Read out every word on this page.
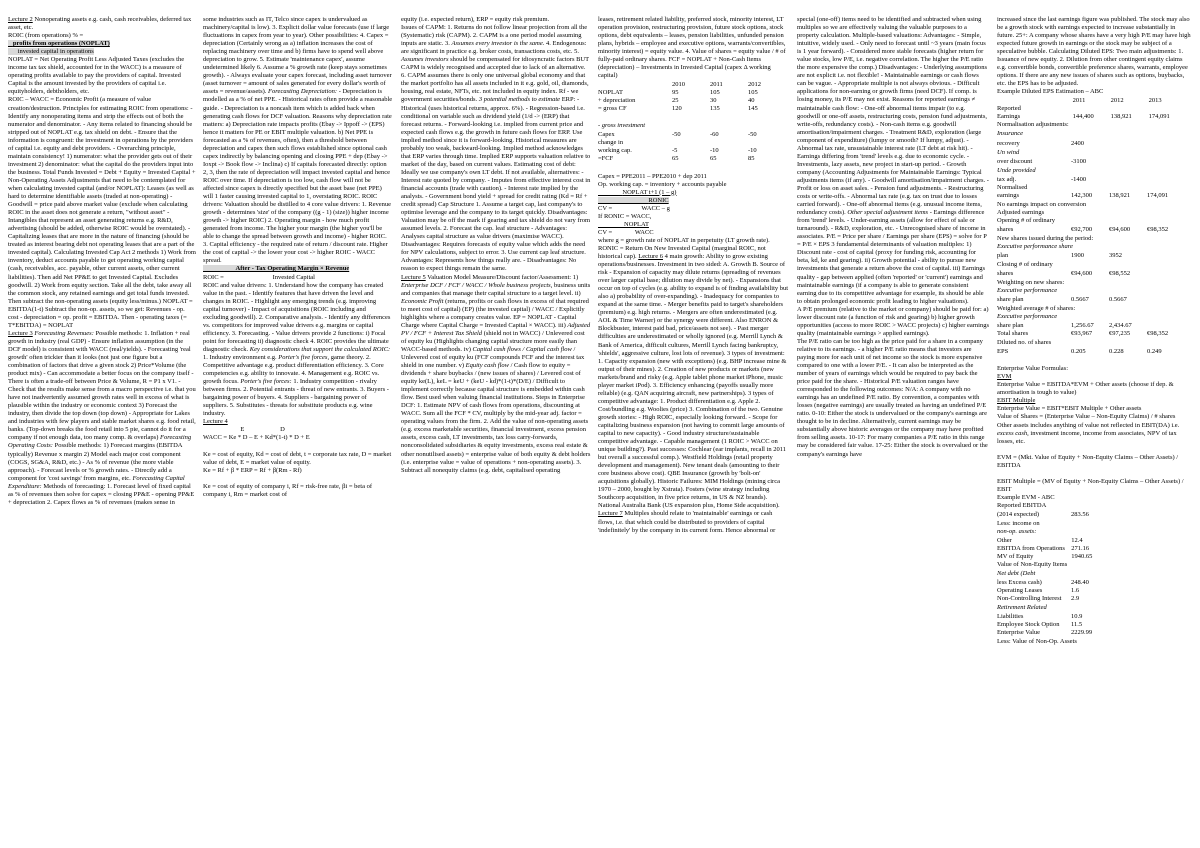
Lecture 2 Nonoperating assets e.g. cash, cash receivables, deferred tax asset, etc.

ROIC (from operations) % =

profits from operations (NOPLAT)

invested capital in operations

NOPLAT = Net Operating Profit Less Adjusted Taxes (excludes the income tax tax shield, accounted for in the WACC) is a measure of operating profits available to pay the providers of capital. Invested Capital is the amount invested by the providers of capital i.e. equityholders, debtholders, etc.

ROIC – WACC = Economic Profit (a measure of value creation/destruction. Principles for estimating ROIC from operations: - Identify any nonoperating items and strip the effects out of both the numerator and denominator. - Any items related to financing should be stripped out of NOPLAT e.g. tax shield on debt. - Ensure that the information is congruent: the investment in operations by the providers of capital i.e. equity and debt providers. - Overarching principle, maintain consistency! 1) numerator: what the provider gets out of their investment 2) denominator: what the capital do the providers input into the business. Total Funds Invested = Debt + Equity = Invested Capital + Non-Operating Assets Adjustments that need to be contemplated for when calculating invested capital (and/or NOPLAT): Leases (as well as hard to determine identifiable assets (traded at non-operating) - Goodwill = price paid above market value (exclude when calculating ROIC in the asset does not generate a return, "without asset" - Intangibles that represent an asset generating returns e.g. R&D, advertising (should be added, otherwise ROIC would be overstated). - Capitalizing leases that are more in the nature of financing (should be treated as interest bearing debt not operating leases that are a part of the invested capital). Calculating Invested Cap Act 2 methods 1) Work from inventory, deduct accounts payable to get operating working capital (cash, receivables, acc. payable, other current assets, other current liabilities). Then add Net PP&E to get Invested Capital. Excludes goodwill. 2) Work from equity section. Take all the debt, take away all the common stock, any retained earnings and get total funds invested. Then subtract the non-operating assets (equity less/minus.) NOPLAT = EBITDA(1-t) Subtract the non-op. assets, so we get: Revenues - op. cost - depreciation = op. profit = EBITDA. Then - operating taxes (= T*EBITDA) = NOPLAT

Lecture 3 Forecasting Revenues: Possible methods: 1. Inflation + real growth in industry (real GDP) - Ensure inflation assumption (in the DCF model) is consistent with WACC (real/yields). - Forecasting 'real growth' often trickier than it looks (not just one figure but a combination of factors that drive a given stock 2) Price*Volume (the product mix) - Can accommodate a better focus on the company itself - There is often a trade-off between Price & Volume, R = P1 x V1. - Check that the results make sense from a macro perspective i.e. that you have not inadvertently assumed growth rates well in excess of what is plausible within the industry or economic context 3) Forecast the industry, then divide the top down (top down) - Appropriate for Lakes and industries with few players and stable market shares e.g. food retail, banks. (Top-down breaks the food retail into 5 pie, cannot do it for a company if not enough data, too many comp. & overlaps) Forecasting Operating Costs: Possible methods: 1) Forecast margins (EBITDA typically) Revenue x margin 2) Model each major cost component (COGS, SG&A, R&D, etc.) - As % of revenue (the more viable approach). - Forecast levels or % growth rates. - Directly add a component for 'cost savings' from margins, etc. Forecasting Capital Expenditure: Methods of forecasting: 1. Forecast level of fixed capital as % of revenues then solve for capex = closing PP&E - opening PP&E + depreciation 2. Capex flows as % of revenues (makes sense in

some industries such as IT, Telco since capex is undervalued as machinery/capital is low). 3. Explicit dollar value forecasts (use if large fluctuations in capex from year to year). Other possibilities: 4. Capex = depreciation (Certainly wrong as a) inflation increases the cost of replacing machinery over time and b) firms have to spend well above depreciation to grow. 5. Estimate 'maintenance capex', assume undetermined likely 6. Assume a % growth rate (keep stays sometimes growth). - Always evaluate your capex forecast, including asset turnover (asset turnover = amount of sales generated for every dollar's worth of assets = revenue/assets). Forecasting Depreciation: - Depreciation is modelled as a % of net PPE. - Historical rates often provide a reasonable guide. - Depreciation is a noncash item which is added back when generating cash flows for DCF valuation. Reasons why depreciation rate matters: a) Depreciation rate impacts profits (Ebay -> Ippoff -> (EPS) hence it matters for PE or EBIT multiple valuation. b) Net PPE is forecasted as a % of revenues, often), then a threshold between depreciation and capex then such flows established since optional cash capex indirectly by balancing opening and closing PPE + dep (Ebay -> Ioxpt -> Book flow -> Inclina) c) If capitals forecasted directly: option 2, 3, then the rate of depreciation will impact invested capital and hence ROIC over time. If depreciation is too low, cash flow will not be affected since capex is directly specified but the asset base (net PPE) will 1 faster causing invested capital to 1, overstating ROIC. ROIC drivers: Valuation should be distilled to 4 core value drivers: 1. Revenue growth - determines 'size' of the company ((g - 1) (size)) higher income growth -> higher ROIC) 2. Operating margin - how much profit generated from income. The higher your margin (the higher you'll be able to change the spread between growth and income) - higher ROIC. 3. Capital efficiency - the required rate of return / discount rate. Higher the cost of capital -> the lower your cost -> higher ROIC - WACC spread.

After - Tax Operating Margin × Revenue

ROIC =                              Invested Capital

ROIC and value drivers: 1. Understand how the company has created value in the past. - Identify features that have driven the level and changes in ROIC. - Highlight any emerging trends (e.g. improving capital turnover) - Impact of acquisitions (ROIC including and excluding goodwill). 2. Comparative analysis. - Identify any differences vs. competitors for improved value drivers e.g. margins or capital efficiency. 3. Forecasting. - Value drivers provide 2 functions: i) Focal point for forecasting ii) diagnostic check 4. ROIC provides the ultimate diagnostic check. Key considerations that support the calculated ROIC: 1. Industry environment e.g. Porter's five forces, game theory. 2. Competitive advantage e.g. product differentiation efficiency. 3. Core competencies e.g. ability to innovate. 4. Management e.g. ROIC vs. growth focus. Porter's five forces: 1. Industry competition - rivalry between firms. 2. Potential entrants - threat of new entrants. 3. Buyers - bargaining power of buyers. 4. Suppliers - bargaining power of suppliers. 5. Substitutes - threats for substitute products e.g. wine industry.

Lecture 4

E                      D

WACC = Ke * D – E + Kd*(1-t) * D + E

Ke = cost of equity, Kd = cost of debt, t = corporate tax rate, D = market value of debt, E = market value of equity.

Ke = Rf + β * ERP = Rf + β(Rm - Rf)

Ke = cost of equity of company i, Rf = risk-free rate, βi = beta of company i, Rm = market cost of

equity (i.e. expected return), ERP = equity risk premium.

Issues of CAPM: 1. Returns do not follow linear projection from all the (Systematic) risk (CAPM). 2. CAPM is a one period model assuming inputs are static. 3. Assumes every investor is the same. 4. Endogenous: are significant in practice e.g. broker costs, transactions costs, etc. 5. Assumes investors should be compensated for idiosyncratic factors BUT CAPM is widely recognised and accepted due to lack of an alternative. 6. CAPM assumes there is only one universal global economy and that the market portfolio has all assets included in it e.g. gold, oil, diamonds, housing, real estate, NFTs, etc. not included in equity index. Rf - we government securities/bonds. 3 potential methods to estimate ERP: - Historical (uses historical returns, approx. 6%). - Regression-based i.e. conditional on variable such as dividend yield (1/d -> (ERP) that forecast returns. - Forward-looking i.e. implied from current price and expected cash flows e.g. the growth in future cash flows for ERP. Use implied method since it is forward-looking. Historical measures are probably too weak, backward-looking. Implied method acknowledges that ERP varies through time. Implied ERP supports valuation relative to market of the day, based on current values. Estimating cost of debt: Ideally we use company's own LT debt. If not available, alternatives: - Interest rate quoted by company. - Imputes from effective interest cost in financial accounts (trade with caution). - Interest rate implied by the analysts. - Government bond yield + spread for credit rating (Kd = Rf + credit spread) Cap Structure 1. Assume a target cap, last company's to optimise leverage and the company to its target quickly. Disadvantages: Valuation may be off the mark if gearing and tax shield do not vary from assumed levels. 2. Forecast the cap. leaf structure - Advantages: Analyses capital structure as value drivers (maximise WACC). Disadvantages: Requires forecasts of equity value which adds the need for NPV calculations, subject to error. 3. Use current cap leaf structure. Advantages: Represents how things really are. - Disadvantages: No reason to expect things remain the same.

Lecture 5 Valuation Model Measure/Discount factor/Assessment: 1) Enterprise DCF / FCF / WACC / Whole business projects, business units and companies that manage their capital structure to a target level. ii) Economic Profit (returns, profits or cash flows in excess of that required to meet cost of capital) (EP) (the invested capital) / WACC / Explicitly highlights where a company creates value. EP = NOPLAT - Capital Charge where Capital Charge = Invested Capital × WACC). iii) Adjusted PV / FCF + Interest Tax Shield (shield not in WACC) / Unlevered cost of equity ku (Highlights changing capital structure more easily than WACC-based methods. iv) Capital cash flows / Capital cash flow / Unlevered cost of equity ku (FCF compounds FCF and the interest tax shield in one number. v) Equity cash flow / Cash flow to equity = dividends + share buybacks / (new issues of shares) / Levered cost of equity ke(L), keL = keU + (keU - kd)*(1-t)*(D/E) / Difficult to implement correctly because capital structure is embedded within cash flow. Best used when valuing financial institutions. Steps in Enterprise DCF: 1. Estimate NPV of cash flows from operations, discounting at WACC. Sum all the FCF * CV, multiply by the mid-year adj. factor = operating values from the firm. 2. Add the value of non-operating assets (e.g. excess marketable securities, financial investment, excess pension assets, excess cash, LT investments, tax loss carry-forwards, nonconsolidated subsidiaries & equity investments, excess real estate & other nonutilised assets) = enterprise value of both equity & debt holders (i.e. enterprise value = value of operations + non-operating assets). 3. Subtract all nonequity claims (e.g. debt, capitalised operating

leases, retirement related liability, preferred stock, minority interest, LT operation provision, restructuring provision, future stock options, stock options, debt equivalents – leases, pension liabilities, unfunded pension plans, hybrids – employee and executive options, warrants/convertibles, minority interest) = equity value. 4. Value of shares = equity value / # of fully-paid ordinary shares. FCF = NOPLAT + Non-Cash Items (depreciation) – Investments in Invested Capital (capex Δ working capital)

	2010	2011	2012
NOPLAT	95	105	105
+ depreciation	25	30	40
= gross CF	120	135	145

- gross investment

Capex	-50	-60	-50
change in			
working cap.	-5	-10	-10
=FCF	65	65	85

Capex = PPE2011 – PPE2010 + dep 2011

Op. working cap. = inventory + accounts payable

NOPLAT t+1 (1 – g)

RONIC

CV =                  WACC – g

If RONIC = WACC,

NOPLAT

CV =              WACC

where g = growth rate of NOPLAT in perpetuity (LT growth rate). RONIC = Return On New Invested Capital (marginal ROIC, not historical cap). Lecture 6 4 main growth: Ability to grow existing operations/businesses. Investment in two sided: A. Growth B. Source of risk - Expansion of capacity may dilute returns (spreading of revenues over larger capital base; dilution may divide by net). - Expansions that occur on top of cycles (e.g. ability to expand is of finding availability but also a) probability of over-expanding). - Inadequacy for companies to expand at the same time. - Merger benefits paid to target's shareholders (premium) e.g. high returns. - Mergers are often underestimated (e.g. AOL & Time Warner) or the synergy were different. Also ENRON & Blockbuster, interest paid bad, price/assets not see). - Past merger difficulties are underestimated or wholly ignored (e.g. Merrill Lynch & Bank of America, difficult cultures, Merrill Lynch facing bankruptcy, 'shields', aggressive culture, lost lots of revenue). 3 types of investment: 1. Capacity expansion (new with exceptions) (e.g. BHP increase mine & output of their mines). 2. Creation of new products or markets (new markets/brand and risky (e.g. Apple tablet phone market iPhone, music player market iPod). 3. Efficiency enhancing (payoffs usually more reliable) (e.g. QAN acquiring aircraft, new partnerships). 3 types of competitive advantage: 1. Product differentiation e.g. Apple 2. Cost/bundling e.g. Woolies (price) 3. Combination of the two. Genuine growth stories: - High ROIC, especially looking forward. - Scope for capitalizing business expansion (not having to commit large amounts of capital to new capacity). - Good industry structure/sustainable competitive advantage. - Capable management (1 ROIC > WACC on unique building?). Past successes: Cochlear (ear implants, recall in 2011 but overall a successful comp.). Westfield Holdings (retail property development and management). New tenant deals (amounting to their core business above cost). QBE Insurance (growth by 'bolt-on' acquisitions globally). Historic Failures: MIM Holdings (mining circa 1970 – 2000, bought by Xstrata). Fosters (wine strategy including Southcorp acquisition, in five price returns, in US & NZ brands). National Australia Bank (US expansion plus, Home Side acquisition).

Lecture 7 Multiples should relate to 'maintainable' earnings or cash flows, i.e. that which could be distributed to providers of capital 'indefinitely' by the company in its current form. Hence abnormal or

special (one-off) items need to be identified and subtracted when using multiples so we are effectively valuing the valuable purposes to a property calculation. Multiple-based valuations: Advantages: - Simple, intuitive, widely used. - Only need to forecast until ~3 years (main focus is 1 year forward). - Considered more stable forecasts (higher return for value stocks, low P/E, i.e. negative correlation. The higher the P/E ratio the more expensive the comp.) Disadvantages: - Underlying assumptions are not explicit i.e. not flexible! - Maintainable earnings or cash flows can be vague. - Appropriate multiple is not always obvious. - Difficult applications for non-earning or growth firms (need DCF). If comp. is losing money, its P/E may not exist. Reasons for reported earnings ≠ maintainable cash flow: - One-off abnormal items impair (to e.g. goodwill or one-off assets, restructuring costs, pension fund adjustments, write-offs, redundancy costs). - Non-cash items e.g. goodwill amortisation/impairment charges. - Treatment R&D, exploration (large component of expenditure) (lumpy or smooth? If lumpy, adjust). - Abnormal tax rate, unsustainable interest rate (LT debt at risk hit). - Earnings differing from 'trend' levels e.g. due to economic cycle. - Investments, lazy assets, new project in start-up period. - Growth company (Accounting Adjustments for Maintainable Earnings: Typical adjustments items (if any). - Goodwill amortisation/impairment charges. - Profit or loss on asset sales. - Pension fund adjustments. - Restructuring costs or write-offs. - Abnormal tax rate (e.g. tax on trust due to losses carried forward). - One-off abnormal items (e.g. unusual income items, redundancy costs). Other special adjustment items - Earnings difference from 'trend' levels. - Under-earning assets (allow for effect of sale or turnaround). - R&D, exploration, etc. - Unrecognised share of income in associates. P/E = Price per share / Earnings per share (EPS) = solve for P = P/E × EPS 3 fundamental determinants of valuation multiples: 1) Discount rate - cost of capital (proxy for funding risk, accounting for beta, kd, ke and gearing). ii) Growth potential - ability to pursue new investments that generate a return above the cost of capital. iii) Earnings quality - gap between applied (often 'reported' or 'current') earnings and maintainable earnings (if a company is able to generate consistent earning due to its competitive advantage for example, its should be able to obtain prolonged economic profit leading to higher valuations).

A P/E premium (relative to the market or company) should be paid for: a) lower discount rate (a function of risk and gearing) b) higher growth opportunities (access to more ROIC > WACC projects) c) higher earnings quality (maintainable earnings > applied earnings).

The P/E ratio can be too high as the price paid for a share in a company relative to its earnings. - a higher P/E ratio means that investors are paying more for each unit of net income so the stock is more expensive compared to one with a lower P/E. - It can also be interpreted as the number of years of earnings which would be required to pay back the price paid for the share. - Historical P/E valuation ranges have corresponded to the following outcomes: N/A: A company with no earnings has an undefined P/E ratio. By convention, a companies with losses (negative earnings) are usually treated as having an undefined P/E ratio. 0-10: Either the stock is undervalued or the company's earnings are thought to be in decline. Alternatively, current earnings may be substantially above historic averages or the company may have profited from selling assets. 10-17: For many companies a P/E ratio in this range may be considered fair value. 17-25: Either the stock is overvalued or the company's earnings have

increased since the last earnings figure was published. The stock may also be a growth stock with earnings expected to increase substantially in future. 25+: A company whose shares have a very high P/E may have high expected future growth in earnings or the stock may be subject of a speculative bubble. Calculating Diluted EPS: Two main adjustments: 1. Issuance of new equity. 2. Dilution from other contingent equity claims e.g. convertible bonds, convertible preference shares, warrants, employee options. If there are any new issues of shares such as options, buybacks, etc. the EPS has to be adjusted.

Example Diluted EPS Estimation – ABC

	2011	2012	2013
Reported			
Earnings	144,400	138,921	174,091
Normalisation adjustments:			

Insurance

recovery	2400		

Un wind

over discount	-3100		

Unde provided

tax adj.	-1400		
Normalised			
earnings	142,300	138,921	174,091

No earnings impact on conversion

Adjusted earnings

Opening # of ordinary

shares	€92,700	€94,600	€98,352

New shares issued during the period:

Executive performance share

plan	1900	3952	

Closing # of ordinary

shares	€94,600	€98,552	

Weighting on new shares:

Executive performance

share plan	0.5667	0.5667	

Weighted average # of shares:

Executive performance

share plan	1,256.67	2,434.67	
Total shares	€93,967	€97,235	€98,352

Diluted no. of shares

EPS	0.205	0.228	0.249

Enterprise Value Formulas:

EVM

Enterprise Value = EBITDA*EVM + Other assets (choose if dep. & amortisation is tough to value)

EBIT Multiple

Enterprise Value = EBIT*EBIT Multiple + Other assets

Value of Shares = (Enterprise Value – Non-Equity Claims) / # shares

Other assets includes anything of value not reflected in EBIT(DA) i.e. excess cash, investment income, income from associates, NPV of tax losses, etc.

EVM = (Mkt. Value of Equity + Non-Equity Claims – Other Assets) / EBITDA

EBIT Multiple = (MV of Equity + Non-Equity Claims – Other Assets) / EBIT

Example EVM - ABC

Reported EBITDA

(2014 expected)	283.56

Less: income on

non-op. assets:

Other	12.4	
EBITDA from Operations	271.16	
MV of Equity	1940.65	
Value of Non-Equity Items		

Net debt (Debt

less Excess cash)	248.40
Operating Leases	1.6
Non-Controlling Interest	2.9

Retirement Related

Liabilities	10.9
Employee Stock Option	11.5
Enterprise Value	2229.99

Less: Value of Non-Op. Assets
